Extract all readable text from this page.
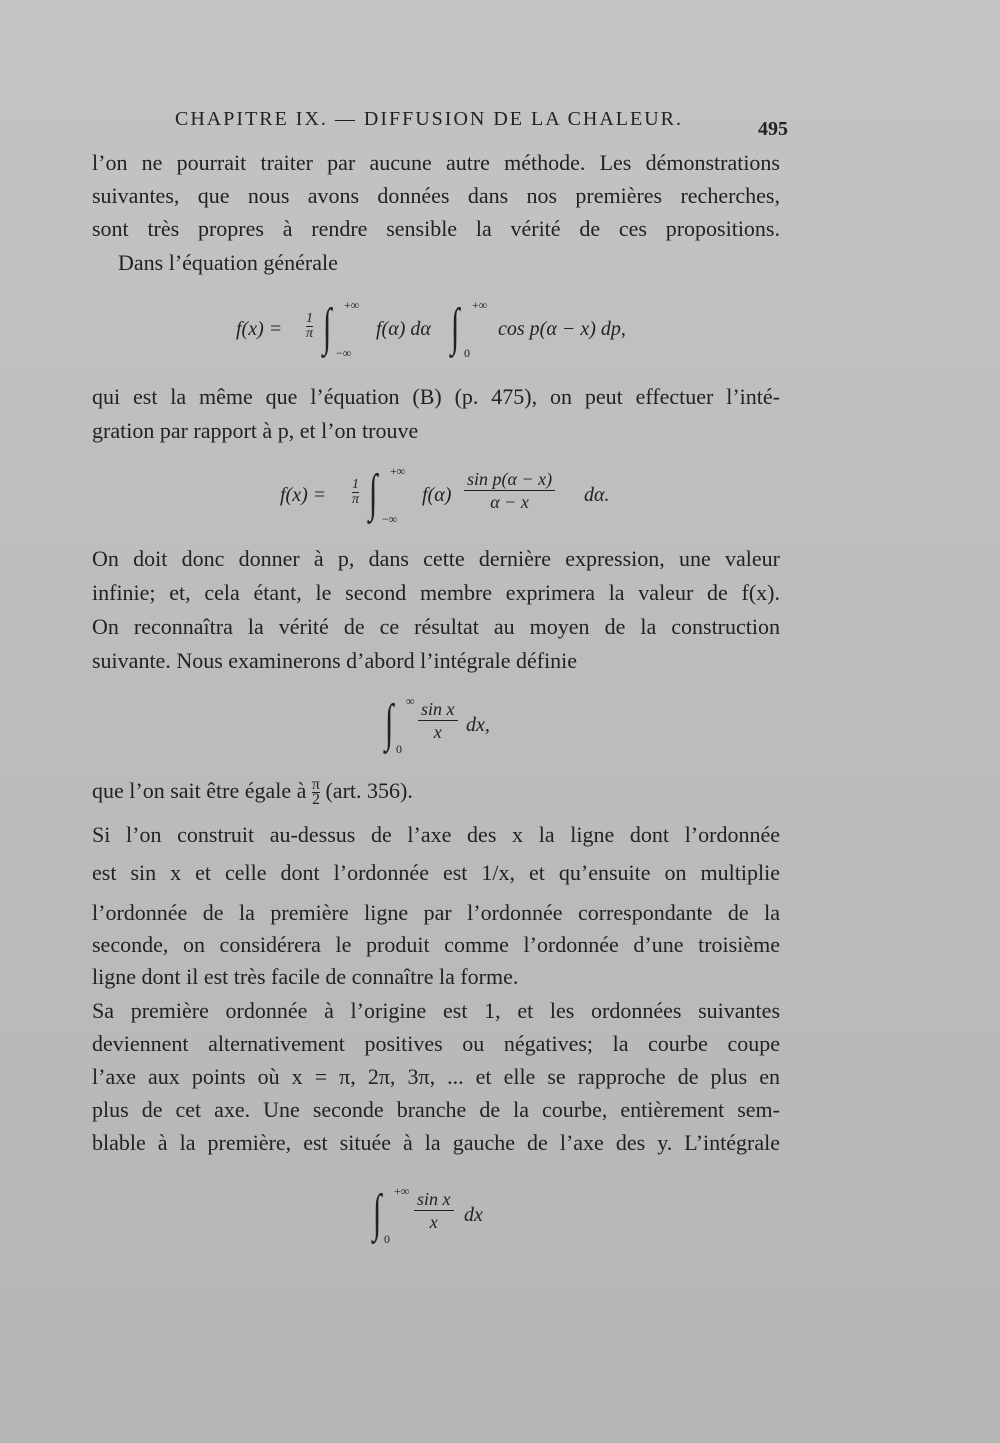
CHAPITRE IX. — DIFFUSION DE LA CHALEUR.	495
l’on ne pourrait traiter par aucune autre méthode. Les démonstrations
suivantes, que nous avons données dans nos premières recherches,
sont très propres à rendre sensible la vérité de ces propositions.
Dans l’équation générale
$f(x) = \frac{1}{\pi}$ ∫ +∞
−∞
f(α) dα ∫ +∞
0
cos p(α − x) dp,
qui est la même que l’équation (B) (p. 475), on peut effectuer l’inté-
gration par rapport à p, et l’on trouve
$f(x) = \frac{1}{\pi}$ ∫ +∞
−∞
$f(\alpha) \frac{\text{sin p(α − x)}}{\alpha - x} d\alpha$.
On doit donc donner à p, dans cette dernière expression, une valeur
infinie; et, cela étant, le second membre exprimera la valeur de f(x).
On reconnaîtra la vérité de ce résultat au moyen de la construction
suivante. Nous examinerons d’abord l’intégrale définie
∫ ∞
0
$\frac{\text{sin x}}{x}$ dx,
que l’on sait être égale à $\frac{\pi}{2} (art$. 356).
Si l’on construit au-dessus de l’axe des x la ligne dont l’ordonnée
est sin x et celle dont l’ordonnée est 1/x, et qu’ensuite on multiplie
l’ordonnée de la première ligne par l’ordonnée correspondante de la
seconde, on considérera le produit comme l’ordonnée d’une troisième
ligne dont il est très facile de connaître la forme.
Sa première ordonnée à l’origine est 1, et les ordonnées suivantes
deviennent alternativement positives ou négatives; la courbe coupe
l’axe aux points où x = π, 2π, 3π, ... et elle se rapproche de plus en
plus de cet axe. Une seconde branche de la courbe, entièrement sem-
blable à la première, est située à la gauche de l’axe des y. L’intégrale
∫ +∞
0
$\frac{\text{sin x}}{x}$ dx
